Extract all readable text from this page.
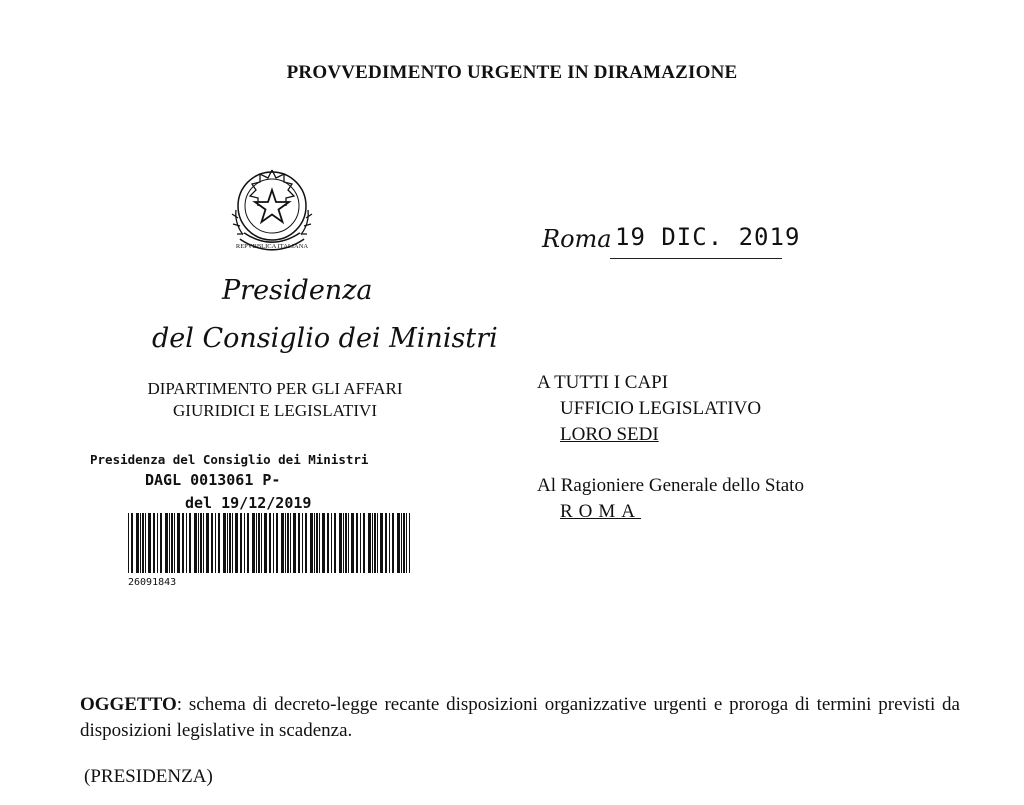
PROVVEDIMENTO URGENTE IN DIRAMAZIONE
REPVBBLICA ITALIANA
Presidenza
del Consiglio dei Ministri
DIPARTIMENTO PER GLI AFFARI
GIURIDICI E LEGISLATIVI
Presidenza del Consiglio dei Ministri
DAGL 0013061 P-
del 19/12/2019
26091843
Roma 19 DIC. 2019
A TUTTI I CAPI
UFFICIO LEGISLATIVO
LORO SEDI
Al Ragioniere Generale dello Stato
ROMA
OGGETTO: schema di decreto-legge recante disposizioni organizzative urgenti e proroga di termini previsti da disposizioni legislative in scadenza.
(PRESIDENZA)
